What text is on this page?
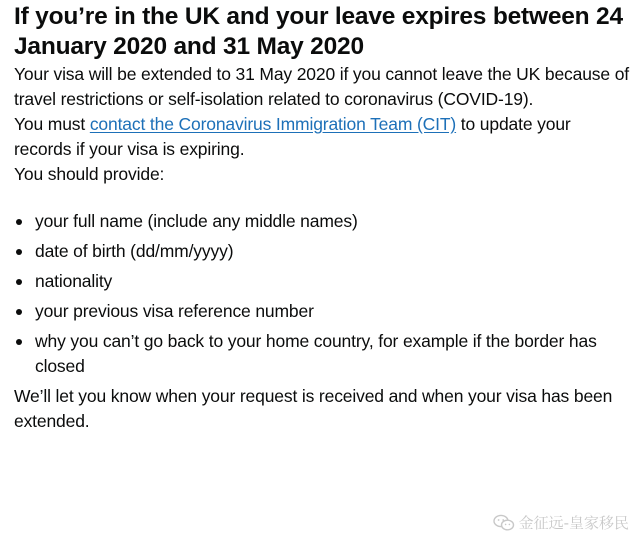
If you’re in the UK and your leave expires between 24 January 2020 and 31 May 2020

Your visa will be extended to 31 May 2020 if you cannot leave the UK because of travel restrictions or self-isolation related to coronavirus (COVID-19).

You must contact the Coronavirus Immigration Team (CIT) to update your records if your visa is expiring.

You should provide:

your full name (include any middle names)
date of birth (dd/mm/yyyy)
nationality
your previous visa reference number
why you can’t go back to your home country, for example if the border has closed

We’ll let you know when your request is received and when your visa has been extended.

金征远-皇家移民
